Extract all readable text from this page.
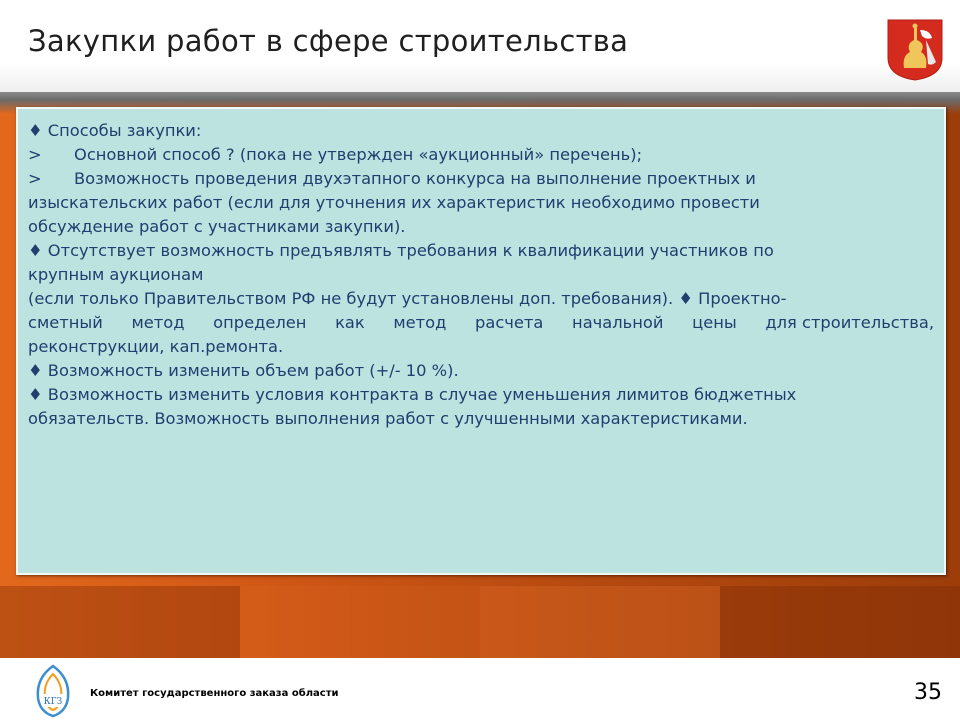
Закупки работ в сфере строительства
♦ Способы закупки:
> Основной способ ? (пока не утвержден «аукционный» перечень);
> Возможность проведения двухэтапного конкурса на выполнение проектных и
изыскательских работ (если для уточнения их характеристик необходимо провести
обсуждение работ с участниками закупки).
♦ Отсутствует возможность предъявлять требования к квалификации участников по
крупным аукционам
(если только Правительством РФ не будут установлены доп. требования). ♦ Проектно-
сметный метод определен как метод расчета начальной цены для строительства,
реконструкции, кап.ремонта.
♦ Возможность изменить объем работ (+/- 10 %).
♦ Возможность изменить условия контракта в случае уменьшения лимитов бюджетных
обязательств. Возможность выполнения работ с улучшенными характеристиками.
КГЗ
Комитет государственного заказа области	35
